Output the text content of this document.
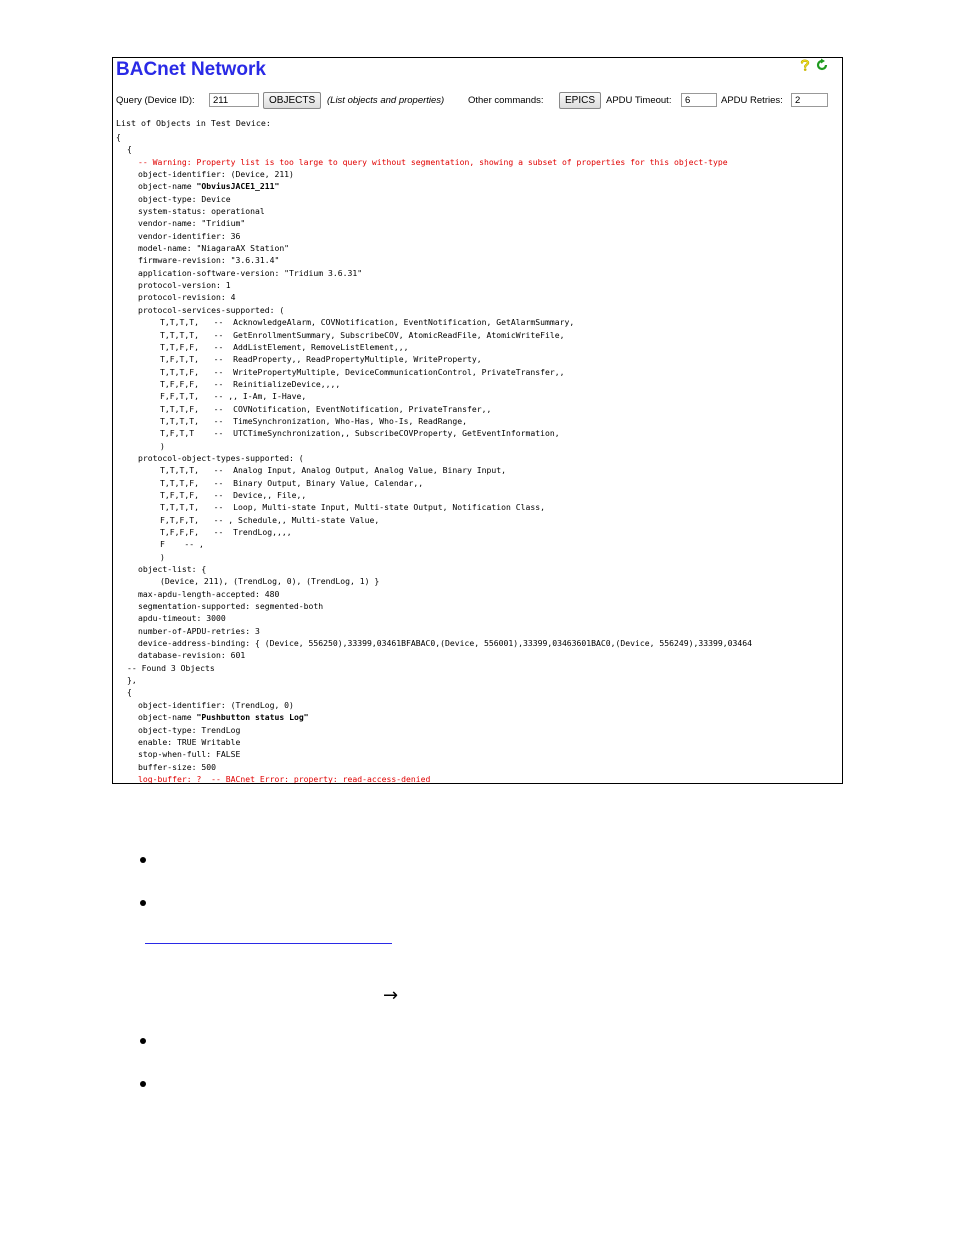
BACnet Network
Query (Device ID):
211	OBJECTS	(List objects and properties)	Other commands:	EPICS	APDU Timeout:
6	APDU Retries:
2
List of Objects in Test Device:
{
{
-- Warning: Property list is too large to query without segmentation, showing a subset of properties for this object-type
object-identifier: (Device, 211)
object-name "ObviusJACE1_211"
object-type: Device
system-status: operational
vendor-name: "Tridium"
vendor-identifier: 36
model-name: "NiagaraAX Station"
firmware-revision: "3.6.31.4"
application-software-version: "Tridium 3.6.31"
protocol-version: 1
protocol-revision: 4
protocol-services-supported: (
T,T,T,T,   --  AcknowledgeAlarm, COVNotification, EventNotification, GetAlarmSummary,
T,T,T,T,   --  GetEnrollmentSummary, SubscribeCOV, AtomicReadFile, AtomicWriteFile,
T,T,F,F,   --  AddListElement, RemoveListElement,,,
T,F,T,T,   --  ReadProperty,, ReadPropertyMultiple, WriteProperty,
T,T,T,F,   --  WritePropertyMultiple, DeviceCommunicationControl, PrivateTransfer,,
T,F,F,F,   --  ReinitializeDevice,,,,
F,F,T,T,   -- ,, I-Am, I-Have,
T,T,T,F,   --  COVNotification, EventNotification, PrivateTransfer,,
T,T,T,T,   --  TimeSynchronization, Who-Has, Who-Is, ReadRange,
T,F,T,T    --  UTCTimeSynchronization,, SubscribeCOVProperty, GetEventInformation,
)
protocol-object-types-supported: (
T,T,T,T,   --  Analog Input, Analog Output, Analog Value, Binary Input,
T,T,T,F,   --  Binary Output, Binary Value, Calendar,,
T,F,T,F,   --  Device,, File,,
T,T,T,T,   --  Loop, Multi-state Input, Multi-state Output, Notification Class,
F,T,F,T,   -- , Schedule,, Multi-state Value,
T,F,F,F,   --  TrendLog,,,,
F    -- ,
)
object-list: {
(Device, 211), (TrendLog, 0), (TrendLog, 1) }
max-apdu-length-accepted: 480
segmentation-supported: segmented-both
apdu-timeout: 3000
number-of-APDU-retries: 3
device-address-binding: { (Device, 556250),33399,03461BFABAC0,(Device, 556001),33399,03463601BAC0,(Device, 556249),33399,03464
database-revision: 601
-- Found 3 Objects
},
{
object-identifier: (TrendLog, 0)
object-name "Pushbutton status Log"
object-type: TrendLog
enable: TRUE Writable
stop-when-full: FALSE
buffer-size: 500
log-buffer: ?  -- BACnet Error: property: read-access-denied
→
